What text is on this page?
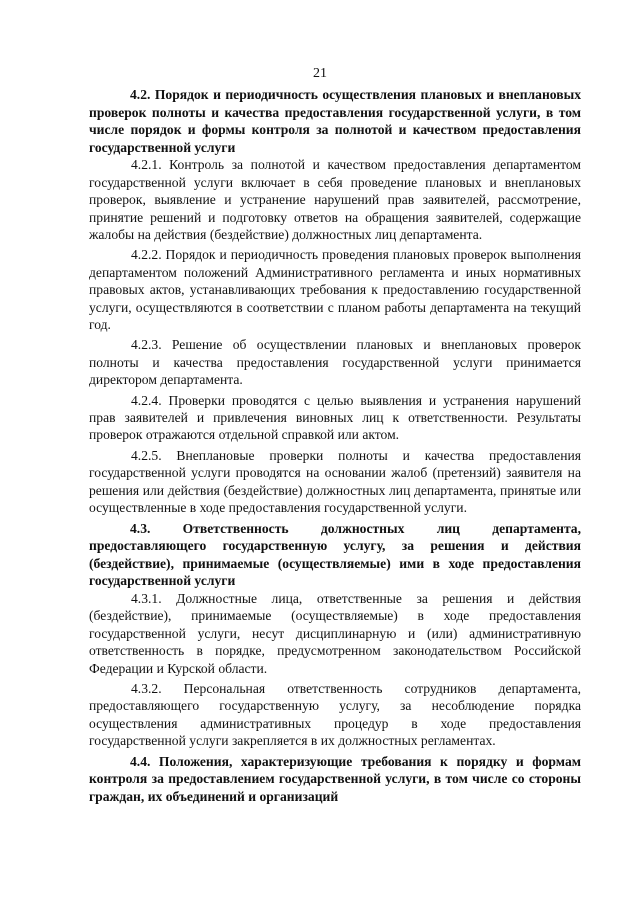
21

4.2. Порядок и периодичность осуществления плановых и внеплановых проверок полноты и качества предоставления государственной услуги, в том числе порядок и формы контроля за полнотой и качеством предоставления государственной услуги

4.2.1. Контроль за полнотой и качеством предоставления департаментом государственной услуги включает в себя проведение плановых и внеплановых проверок, выявление и устранение нарушений прав заявителей, рассмотрение, принятие решений и подготовку ответов на обращения заявителей, содержащие жалобы на действия (бездействие) должностных лиц департамента.

4.2.2. Порядок и периодичность проведения плановых проверок выполнения департаментом положений Административного регламента и иных нормативных правовых актов, устанавливающих требования к предоставлению государственной услуги, осуществляются в соответствии с планом работы департамента на текущий год.

4.2.3. Решение об осуществлении плановых и внеплановых проверок полноты и качества предоставления государственной услуги принимается директором департамента.

4.2.4. Проверки проводятся с целью выявления и устранения нарушений прав заявителей и привлечения виновных лиц к ответственности. Результаты проверок отражаются отдельной справкой или актом.

4.2.5. Внеплановые проверки полноты и качества предоставления государственной услуги проводятся на основании жалоб (претензий) заявителя на решения или действия (бездействие) должностных лиц департамента, принятые или осуществленные в ходе предоставления государственной услуги.

4.3. Ответственность должностных лиц департамента, предоставляющего государственную услугу, за решения и действия (бездействие), принимаемые (осуществляемые) ими в ходе предоставления государственной услуги

4.3.1. Должностные лица, ответственные за решения и действия (бездействие), принимаемые (осуществляемые) в ходе предоставления государственной услуги, несут дисциплинарную и (или) административную ответственность в порядке, предусмотренном законодательством Российской Федерации и Курской области.

4.3.2. Персональная ответственность сотрудников департамента, предоставляющего государственную услугу, за несоблюдение порядка осуществления административных процедур в ходе предоставления государственной услуги закрепляется в их должностных регламентах.

4.4. Положения, характеризующие требования к порядку и формам контроля за предоставлением государственной услуги, в том числе со стороны граждан, их объединений и организаций
